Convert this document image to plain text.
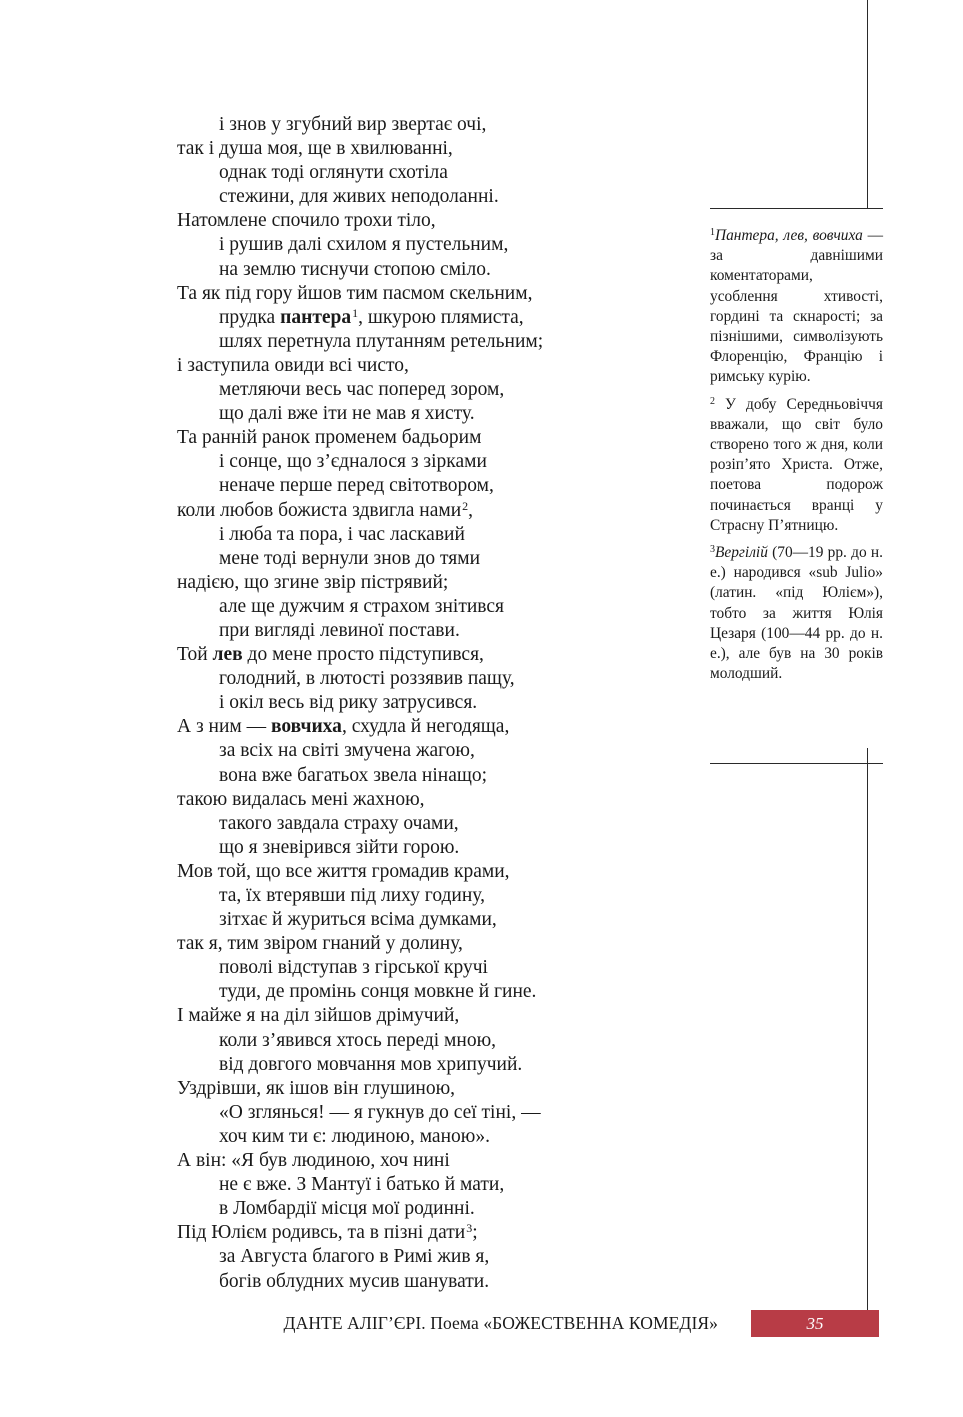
і знов у згубний вир звертає очі,
так і душа моя, ще в хвилюванні,
однак тоді оглянути схотіла
стежини, для живих неподоланні.
Натомлене спочило трохи тіло,
і рушив далі схилом я пустельним,
на землю тиснучи стопою сміло.
Та як під гору йшов тим пасмом скельним,
прудка пантера$^1$, шкурою плямиста,
шлях перетнула плутанням ретельним;
і заступила овиди всі чисто,
метляючи весь час поперед зором,
що далі вже іти не мав я хисту.
Та ранній ранок променем бадьорим
і сонце, що з’єдналося з зірками
неначе перше перед світотвором,
коли любов божиста здвигла нами$^2$,
і люба та пора, і час ласкавий
мене тоді вернули знов до тями
надією, що згине звір пістрявий;
але ще дужчим я страхом знітився
при вигляді левиної постави.
Той лев до мене просто підступився,
голодний, в лютості роззявив пащу,
і окіл весь від рику затрусився.
А з ним — вовчиха, схудла й негодяща,
за всіх на світі змучена жагою,
вона вже багатьох звела нінащо;
такою видалась мені жахною,
такого завдала страху очами,
що я зневірився зійти горою.
Мов той, що все життя громадив крами,
та, їх втерявши під лиху годину,
зітхає й журиться всіма думками,
так я, тим звіром гнаний у долину,
поволі відступав з гірської кручі
туди, де промінь сонця мовкне й гине.
І майже я на діл зійшов дрімучий,
коли з’явився хтось переді мною,
від довгого мовчання мов хрипучий.
Уздрівши, як ішов він глушиною,
«О зглянься! — я гукнув до сеї тіні, —
хоч ким ти є: людиною, маною».
А він: «Я був людиною, хоч нині
не є вже. З Мантуї і батько й мати,
в Ломбардії місця мої родинні.
Під Юлієм родивсь, та в пізні дати$^3$;
за Августа благого в Римі жив я,
богів облудних мусив шанувати.
$^1$Пантера, лев, вовчиха — за давнішими коментаторами, усоблення хтивості, гордині та скнарості; за пізнішими, символізують Флоренцію, Францію і римську курію.
$^2$ У добу Середньовіччя вважали, що світ було створено того ж дня, коли розіп’ято Христа. Отже, поетова подорож починається вранці у Страсну П’ятницю.
$^3$Вергілій (70—19 рр. до н. е.) народився «sub Julio» (латин. «під Юлієм»), тобто за життя Юлія Цезаря (100—44 рр. до н. е.), але був на 30 років молодший.
ДАНТЕ АЛІГ’ЄРІ. Поема «БОЖЕСТВЕННА КОМЕДІЯ»	35
